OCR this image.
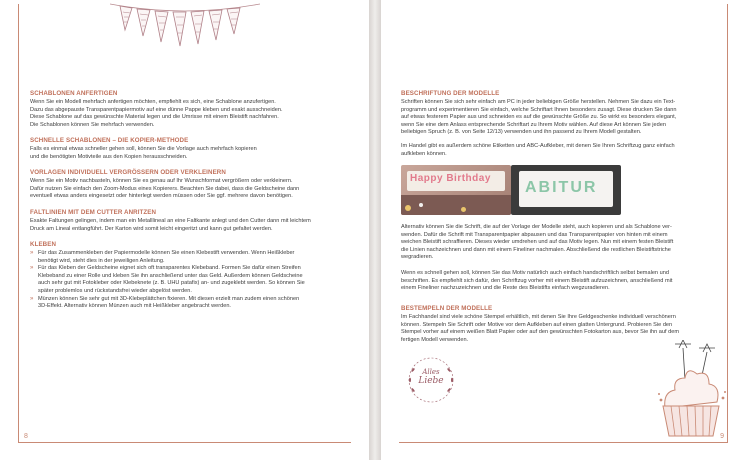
SCHABLONEN ANFERTIGEN

Wenn Sie ein Modell mehrfach anfertigen möchten, empfiehlt es sich, eine Schablone anzufertigen.

Dazu das abgepauste Transparentpapiermotiv auf eine dünne Pappe kleben und exakt ausschneiden.

Diese Schablone auf das gewünschte Material legen und die Umrisse mit einem Bleistift nachfahren.

Die Schablonen können Sie mehrfach verwenden.

SCHNELLE SCHABLONEN – DIE KOPIER-METHODE

Falls es einmal etwas schneller gehen soll, können Sie die Vorlage auch mehrfach kopieren

und die benötigten Motivteile aus den Kopien herausschneiden.

VORLAGEN INDIVIDUELL VERGRÖSSERN ODER VERKLEINERN

Wenn Sie ein Motiv nachbasteln, können Sie es genau auf Ihr Wunschformat vergrößern oder verkleinern.

Dafür nutzen Sie einfach den Zoom-Modus eines Kopierers. Beachten Sie dabei, dass die Geldscheine dann

eventuell etwas anders eingesetzt oder hinterlegt werden müssen oder Sie ggf. mehrere davon benötigen.

FALTLINIEN MIT DEM CUTTER ANRITZEN

Exakte Faltungen gelingen, indem man ein Metalllineal an eine Faltkante anlegt und den Cutter dann mit leichtem

Druck am Lineal entlangführt. Der Karton wird somit leicht eingeritzt und kann gut gefaltet werden.

KLEBEN
» Für das Zusammenkleben der Papiermodelle können Sie einen Klebestift verwenden. Wenn Heißkleber
benötigt wird, steht dies in der jeweiligen Anleitung.
» Für das Kleben der Geldscheine eignet sich oft transparentes Klebeband. Formen Sie dafür einen Streifen
Klebeband zu einer Rolle und kleben Sie ihn anschließend unter das Geld. Außerdem können Geldscheine
auch sehr gut mit Fotokleber oder Klebeknete (z. B. UHU patafix) an- und zugeklebt werden. So können Sie
später problemlos und rückstandsfrei wieder abgelöst werden.
» Münzen können Sie sehr gut mit 3D-Klebeplättchen fixieren. Mit diesen erzielt man zudem einen schönen
3D-Effekt. Alternativ können Münzen auch mit Heißkleber angebracht werden.
8
BESCHRIFTUNG DER MODELLE

Schriften können Sie sich sehr einfach am PC in jeder beliebigen Größe herstellen. Nehmen Sie dazu ein Text-

programm und experimentieren Sie einfach, welche Schriftart Ihnen besonders zusagt. Diese drucken Sie dann

auf etwas festerem Papier aus und schneiden es auf die gewünschte Größe zu. So wirkt es besonders elegant,

wenn Sie eine dem Anlass entsprechende Schriftart zu Ihrem Motiv wählen. Auf diese Art können Sie jeden

beliebigen Spruch (z. B. von Seite 12/13) verwenden und ihn passend zu Ihrem Modell gestalten.

Im Handel gibt es außerdem schöne Etiketten und ABC-Aufkleber, mit denen Sie Ihren Schriftzug ganz einfach

aufkleben können.

Happy Birthday
ABITUR

Alternativ können Sie die Schrift, die auf der Vorlage der Modelle steht, auch kopieren und als Schablone ver-

wenden. Dafür die Schrift mit Transparentpapier abpausen und das Transparentpapier von hinten mit einem

weichen Bleistift schraffieren. Dieses wieder umdrehen und auf das Motiv legen. Nun mit einem festen Bleistift

die Linien nachzeichnen und dann mit einem Fineliner nachmalen. Abschließend die restlichen Bleistiftstriche

wegradieren.

Wenn es schnell gehen soll, können Sie das Motiv natürlich auch einfach handschriftlich selbst bemalen und

beschriften. Es empfiehlt sich dafür, den Schriftzug vorher mit einem Bleistift aufzuzeichnen, anschließend mit

einem Fineliner nachzuzeichnen und die Reste des Bleistifts einfach wegzuradieren.

BESTEMPELN DER MODELLE

Im Fachhandel sind viele schöne Stempel erhältlich, mit denen Sie Ihre Geldgeschenke individuell verschönern

können. Stempeln Sie Schrift oder Motive vor dem Aufkleben auf einen glatten Untergrund. Probieren Sie den

Stempel vorher auf einem weißen Blatt Papier oder auf den gewünschten Fotokarton aus, bevor Sie ihn auf dem

fertigen Modell verwenden.

Alles
Liebe
9
